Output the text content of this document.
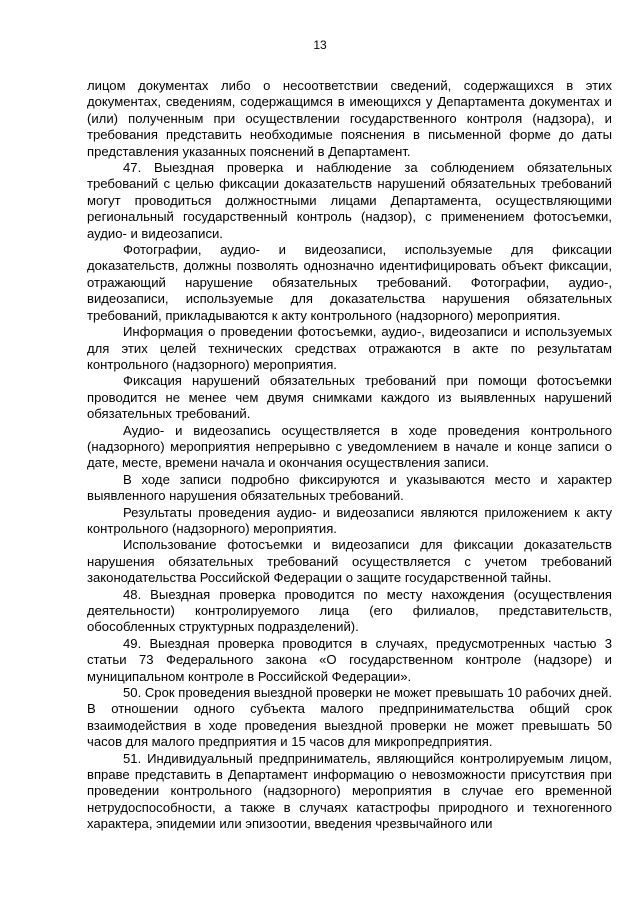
13

лицом документах либо о несоответствии сведений, содержащихся в этих документах, сведениям, содержащимся в имеющихся у Департамента документах и (или) полученным при осуществлении государственного контроля (надзора), и требования представить необходимые пояснения в письменной форме до даты представления указанных пояснений в Департамент.

47. Выездная проверка и наблюдение за соблюдением обязательных требований с целью фиксации доказательств нарушений обязательных требований могут проводиться должностными лицами Департамента, осуществляющими региональный государственный контроль (надзор), с применением фотосъемки, аудио- и видеозаписи.

Фотографии, аудио- и видеозаписи, используемые для фиксации доказательств, должны позволять однозначно идентифицировать объект фиксации, отражающий нарушение обязательных требований. Фотографии, аудио-, видеозаписи, используемые для доказательства нарушения обязательных требований, прикладываются к акту контрольного (надзорного) мероприятия.

Информация о проведении фотосъемки, аудио-, видеозаписи и используемых для этих целей технических средствах отражаются в акте по результатам контрольного (надзорного) мероприятия.

Фиксация нарушений обязательных требований при помощи фотосъемки проводится не менее чем двумя снимками каждого из выявленных нарушений обязательных требований.

Аудио- и видеозапись осуществляется в ходе проведения контрольного (надзорного) мероприятия непрерывно с уведомлением в начале и конце записи о дате, месте, времени начала и окончания осуществления записи.

В ходе записи подробно фиксируются и указываются место и характер выявленного нарушения обязательных требований.

Результаты проведения аудио- и видеозаписи являются приложением к акту контрольного (надзорного) мероприятия.

Использование фотосъемки и видеозаписи для фиксации доказательств нарушения обязательных требований осуществляется с учетом требований законодательства Российской Федерации о защите государственной тайны.

48. Выездная проверка проводится по месту нахождения (осуществления деятельности) контролируемого лица (его филиалов, представительств, обособленных структурных подразделений).

49. Выездная проверка проводится в случаях, предусмотренных частью 3 статьи 73 Федерального закона «О государственном контроле (надзоре) и муниципальном контроле в Российской Федерации».

50. Срок проведения выездной проверки не может превышать 10 рабочих дней. В отношении одного субъекта малого предпринимательства общий срок взаимодействия в ходе проведения выездной проверки не может превышать 50 часов для малого предприятия и 15 часов для микропредприятия.

51. Индивидуальный предприниматель, являющийся контролируемым лицом, вправе представить в Департамент информацию о невозможности присутствия при проведении контрольного (надзорного) мероприятия в случае его временной нетрудоспособности, а также в случаях катастрофы природного и техногенного характера, эпидемии или эпизоотии, введения чрезвычайного или
